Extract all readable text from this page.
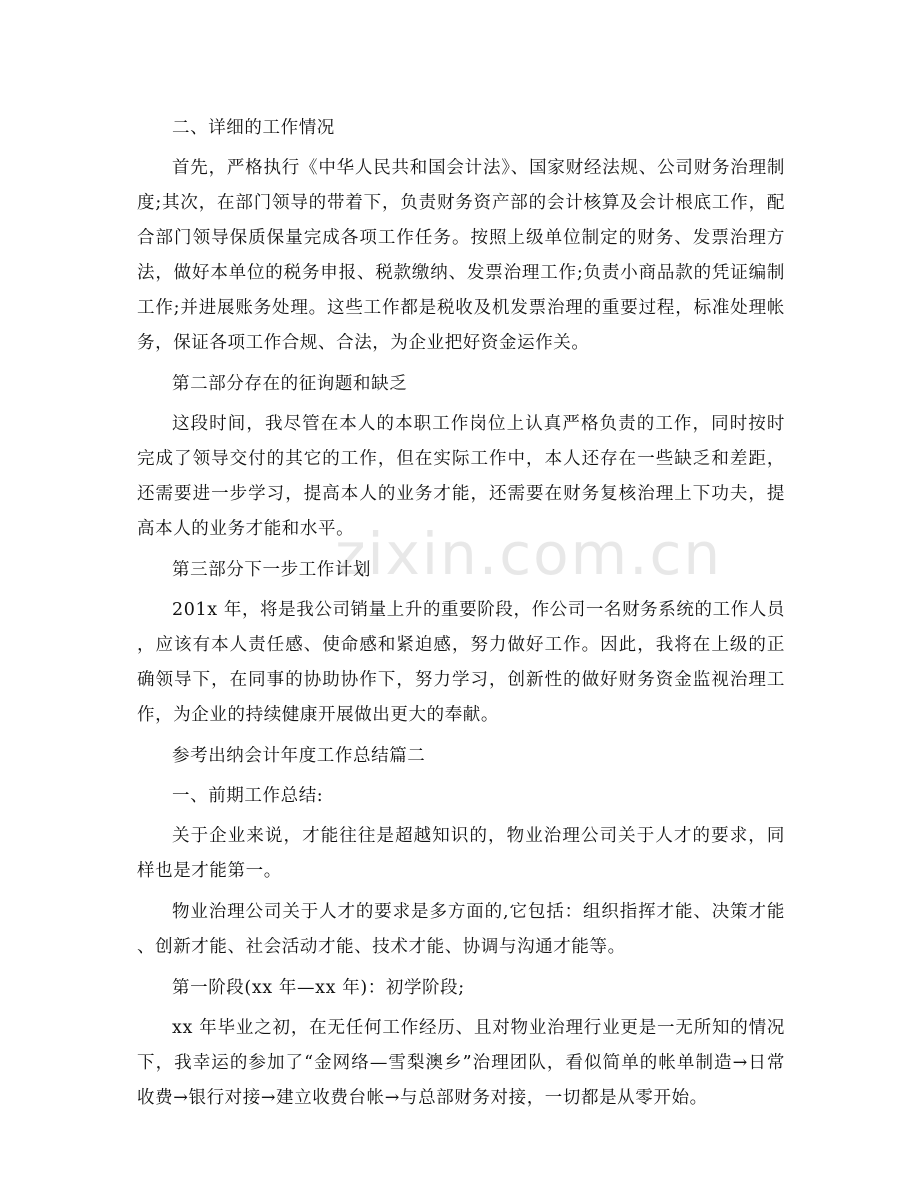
zixin.com.cn

二、详细的工作情况

首先，严格执行《中华人民共和国会计法》、国家财经法规、公司财务治理制度;其次，在部门领导的带着下，负责财务资产部的会计核算及会计根底工作，配合部门领导保质保量完成各项工作任务。按照上级单位制定的财务、发票治理方法，做好本单位的税务申报、税款缴纳、发票治理工作;负责小商品款的凭证编制工作;并进展账务处理。这些工作都是税收及机发票治理的重要过程，标准处理帐务，保证各项工作合规、合法，为企业把好资金运作关。

第二部分存在的征询题和缺乏

这段时间，我尽管在本人的本职工作岗位上认真严格负责的工作，同时按时完成了领导交付的其它的工作，但在实际工作中，本人还存在一些缺乏和差距，还需要进一步学习，提高本人的业务才能，还需要在财务复核治理上下功夫，提高本人的业务才能和水平。

第三部分下一步工作计划

201x 年，将是我公司销量上升的重要阶段，作公司一名财务系统的工作人员，应该有本人责任感、使命感和紧迫感，努力做好工作。因此，我将在上级的正确领导下，在同事的协助协作下，努力学习，创新性的做好财务资金监视治理工作，为企业的持续健康开展做出更大的奉献。

参考出纳会计年度工作总结篇二

一、前期工作总结:

关于企业来说，才能往往是超越知识的，物业治理公司关于人才的要求，同样也是才能第一。

物业治理公司关于人才的要求是多方面的,它包括：组织指挥才能、决策才能、创新才能、社会活动才能、技术才能、协调与沟通才能等。

第一阶段(xx 年—xx 年)：初学阶段;

xx 年毕业之初，在无任何工作经历、且对物业治理行业更是一无所知的情况下，我幸运的参加了“金网络—雪梨澳乡”治理团队，看似简单的帐单制造→日常收费→银行对接→建立收费台帐→与总部财务对接，一切都是从零开始。
